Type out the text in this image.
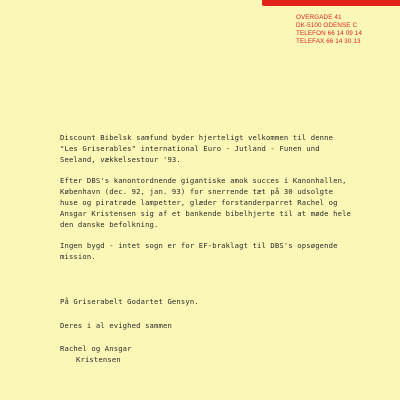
OVERGADE 41
DK-5100 ODENSE C
TELEFON 66 14 09 14
TELEFAX 66 14 30 13
Discount Bibelsk samfund byder hjerteligt velkommen til denne
"Les Griserables" international Euro - Jutland - Funen und
Seeland, vækkelsestour '93.
Efter DBS's kanontordnende gigantiske amok succes i Kanonhallen,
København (dec. 92, jan. 93) for snerrende tæt på 30 udsolgte
huse og piratrøde lampetter, glæder forstanderparret Rachel og
Ansgar Kristensen sig af et bankende bibelhjerte til at møde hele
den danske befolkning.
Ingen bygd - intet sogn er for EF-braklagt til DBS's opsøgende
mission.
På Griserabelt Godartet Gensyn.
Deres i al evighed sammen
Rachel og Ansgar
Kristensen
